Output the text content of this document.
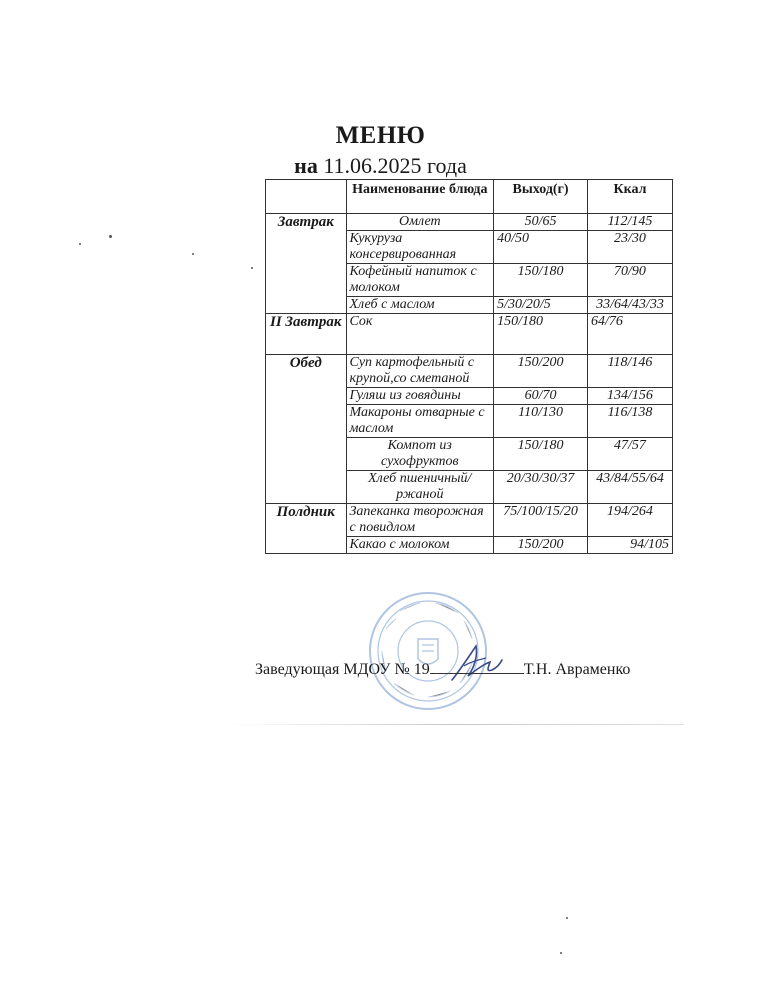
МЕНЮ
на 11.06.2025 года
	Наименование блюда	Выход(г)	Ккал
Завтрак	Омлет	50/65	112/145
	Кукуруза консервированная	40/50	23/30
	Кофейный напиток с молоком	150/180	70/90
	Хлеб с маслом	5/30/20/5	33/64/43/33
II Завтрак	Сок	150/180	64/76
Обед	Суп картофельный с крупой,со сметаной	150/200	118/146
	Гуляш из говядины	60/70	134/156
	Макароны отварные с маслом	110/130	116/138
	Компот из сухофруктов	150/180	47/57
	Хлеб пшеничный/ржаной	20/30/30/37	43/84/55/64
Полдник	Запеканка творожная с повидлом	75/100/15/20	194/264
	Какао с молоком	150/200	94/105
Заведующая МДОУ № 19	Т.Н. Авраменко
